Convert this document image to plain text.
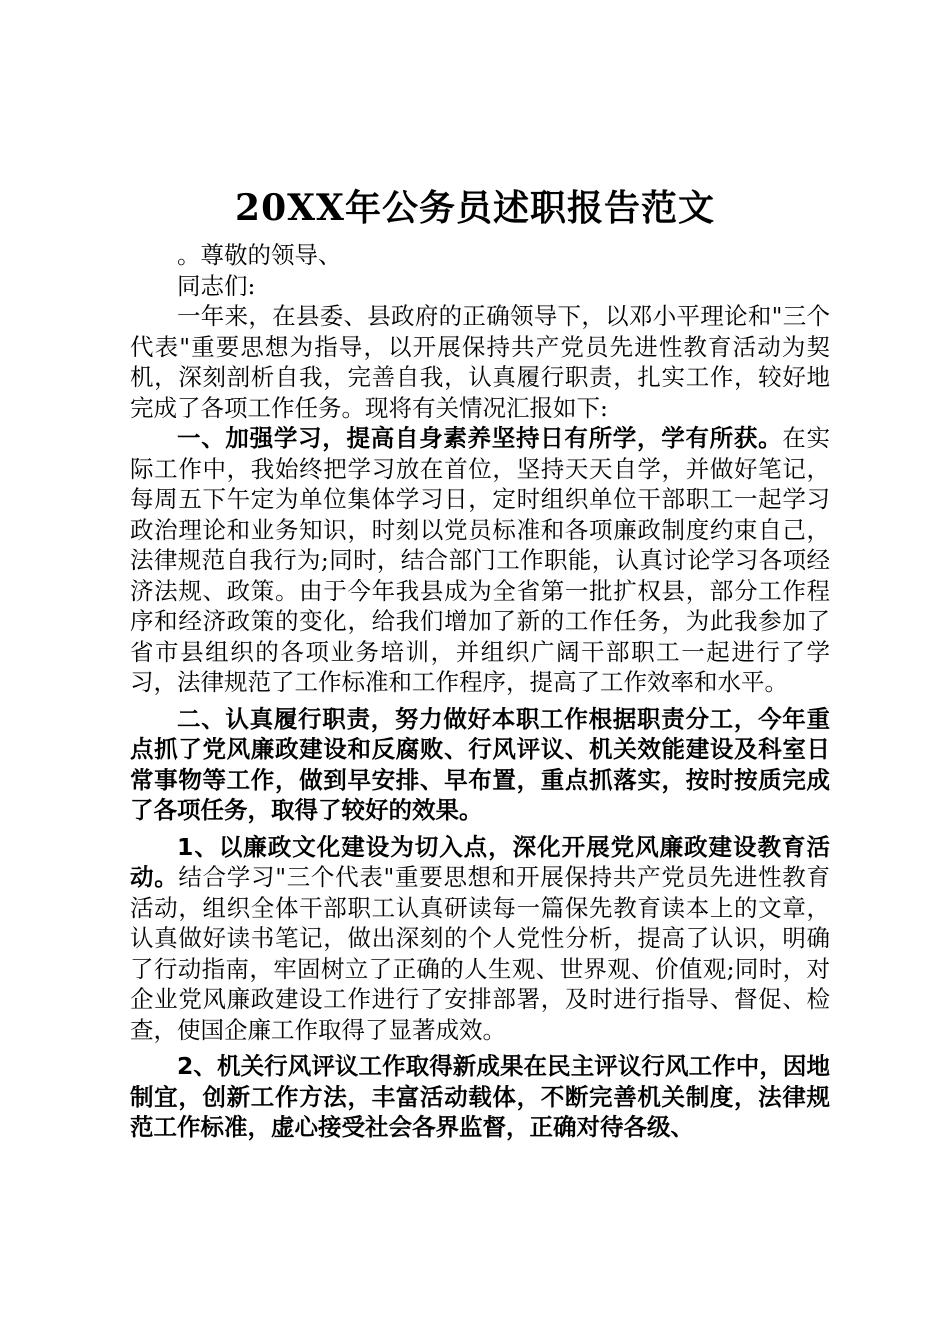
20XX年公务员述职报告范文

。尊敬的领导、

同志们:

一年来，在县委、县政府的正确领导下，以邓小平理论和"三个代表"重要思想为指导，以开展保持共产党员先进性教育活动为契机，深刻剖析自我，完善自我，认真履行职责，扎实工作，较好地完成了各项工作任务。现将有关情况汇报如下:

一、加强学习，提高自身素养坚持日有所学，学有所获。在实际工作中，我始终把学习放在首位，坚持天天自学，并做好笔记，每周五下午定为单位集体学习日，定时组织单位干部职工一起学习政治理论和业务知识，时刻以党员标准和各项廉政制度约束自己，法律规范自我行为;同时，结合部门工作职能，认真讨论学习各项经济法规、政策。由于今年我县成为全省第一批扩权县，部分工作程序和经济政策的变化，给我们增加了新的工作任务，为此我参加了省市县组织的各项业务培训，并组织广阔干部职工一起进行了学习，法律规范了工作标准和工作程序，提高了工作效率和水平。

二、认真履行职责，努力做好本职工作根据职责分工，今年重点抓了党风廉政建设和反腐败、行风评议、机关效能建设及科室日常事物等工作，做到早安排、早布置，重点抓落实，按时按质完成了各项任务，取得了较好的效果。

1、以廉政文化建设为切入点，深化开展党风廉政建设教育活动。结合学习"三个代表"重要思想和开展保持共产党员先进性教育活动，组织全体干部职工认真研读每一篇保先教育读本上的文章，认真做好读书笔记，做出深刻的个人党性分析，提高了认识，明确了行动指南，牢固树立了正确的人生观、世界观、价值观;同时，对企业党风廉政建设工作进行了安排部署，及时进行指导、督促、检查，使国企廉工作取得了显著成效。

2、机关行风评议工作取得新成果在民主评议行风工作中，因地制宜，创新工作方法，丰富活动载体，不断完善机关制度，法律规范工作标准，虚心接受社会各界监督，正确对待各级、
